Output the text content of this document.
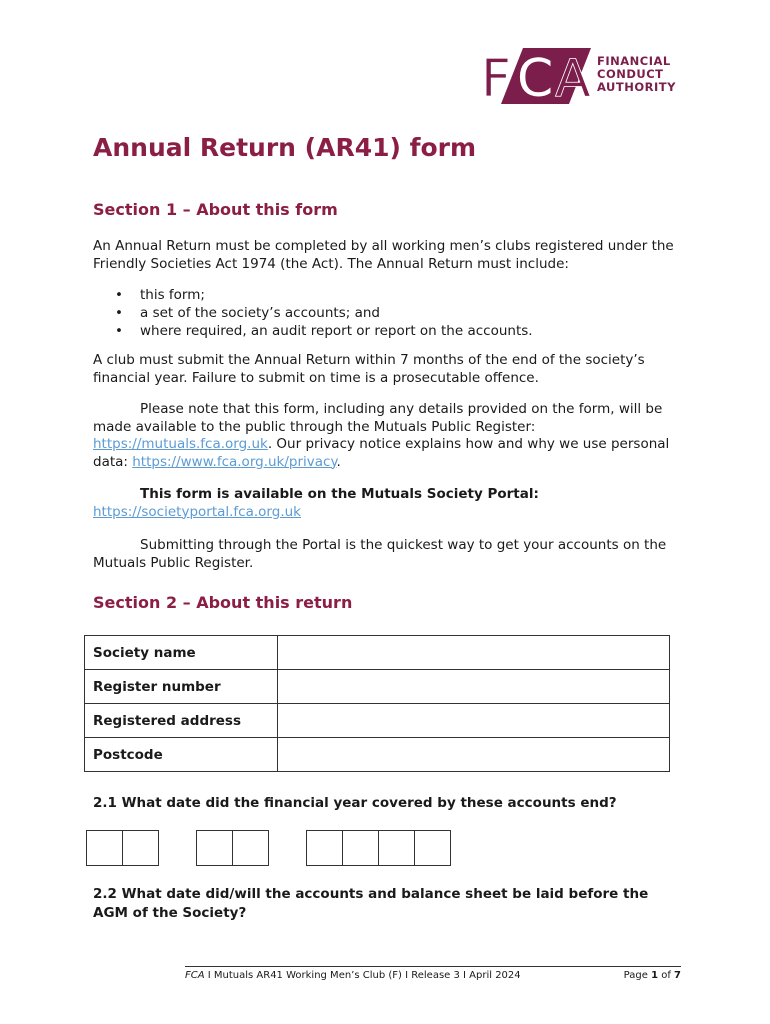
F C A FINANCIAL
CONDUCT
AUTHORITY
Annual Return (AR41) form
Section 1 – About this form

An Annual Return must be completed by all working men’s clubs registered under the Friendly Societies Act 1974 (the Act). The Annual Return must include:

• this form;
• a set of the society’s accounts; and
• where required, an audit report or report on the accounts.

A club must submit the Annual Return within 7 months of the end of the society’s financial year. Failure to submit on time is a prosecutable offence.

Please note that this form, including any details provided on the form, will be made available to the public through the Mutuals Public Register: https://mutuals.fca.org.uk. Our privacy notice explains how and why we use personal data: https://www.fca.org.uk/privacy.

This form is available on the Mutuals Society Portal:
https://societyportal.fca.org.uk

Submitting through the Portal is the quickest way to get your accounts on the Mutuals Public Register.

Section 2 – About this return
Society name	
Register number	
Registered address	
Postcode	

2.1 What date did the financial year covered by these accounts end?

2.2 What date did/will the accounts and balance sheet be laid before the AGM of the Society?

FCA I Mutuals AR41 Working Men’s Club (F) I Release 3 I April 2024	Page 1 of 7
